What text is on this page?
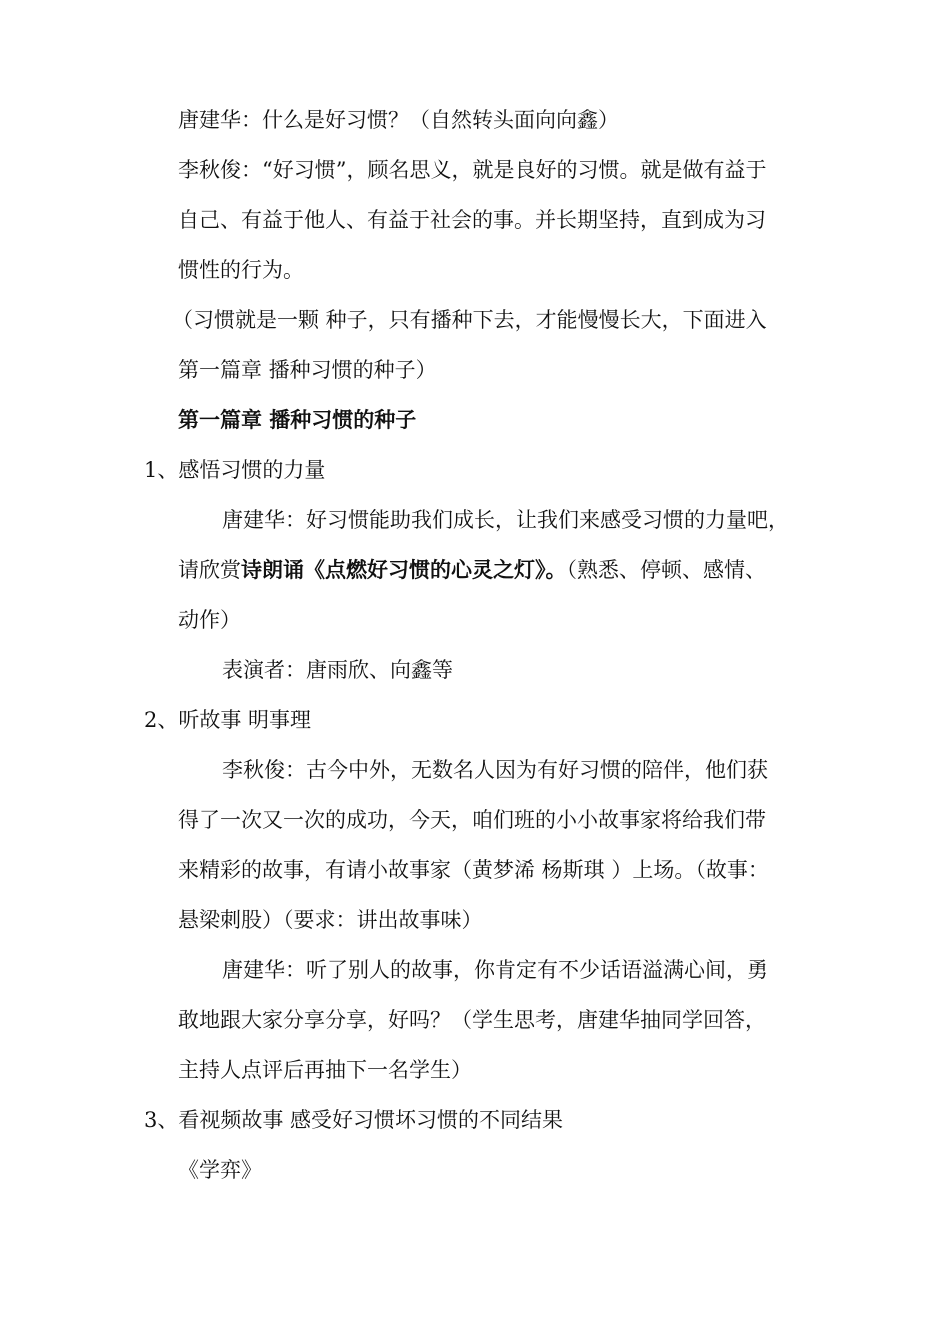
唐建华：什么是好习惯？（自然转头面向向鑫）
李秋俊：“好习惯”，顾名思义，就是良好的习惯。就是做有益于
自己、有益于他人、有益于社会的事。并长期坚持，直到成为习
惯性的行为。
（习惯就是一颗 种子，只有播种下去，才能慢慢长大，下面进入
第一篇章 播种习惯的种子）
第一篇章 播种习惯的种子
1、感悟习惯的力量
唐建华：好习惯能助我们成长，让我们来感受习惯的力量吧，
请欣赏诗朗诵《点燃好习惯的心灵之灯》。（熟悉、停顿、感情、
动作）
表演者：唐雨欣、向鑫等
2、听故事 明事理
李秋俊：古今中外，无数名人因为有好习惯的陪伴，他们获
得了一次又一次的成功，今天，咱们班的小小故事家将给我们带
来精彩的故事，有请小故事家（黄梦浠 杨斯琪 ）上场。（故事：
悬梁刺股）（要求：讲出故事味）
唐建华：听了别人的故事，你肯定有不少话语溢满心间，勇
敢地跟大家分享分享，好吗？（学生思考，唐建华抽同学回答，
主持人点评后再抽下一名学生）
3、看视频故事 感受好习惯坏习惯的不同结果
《学弈》
